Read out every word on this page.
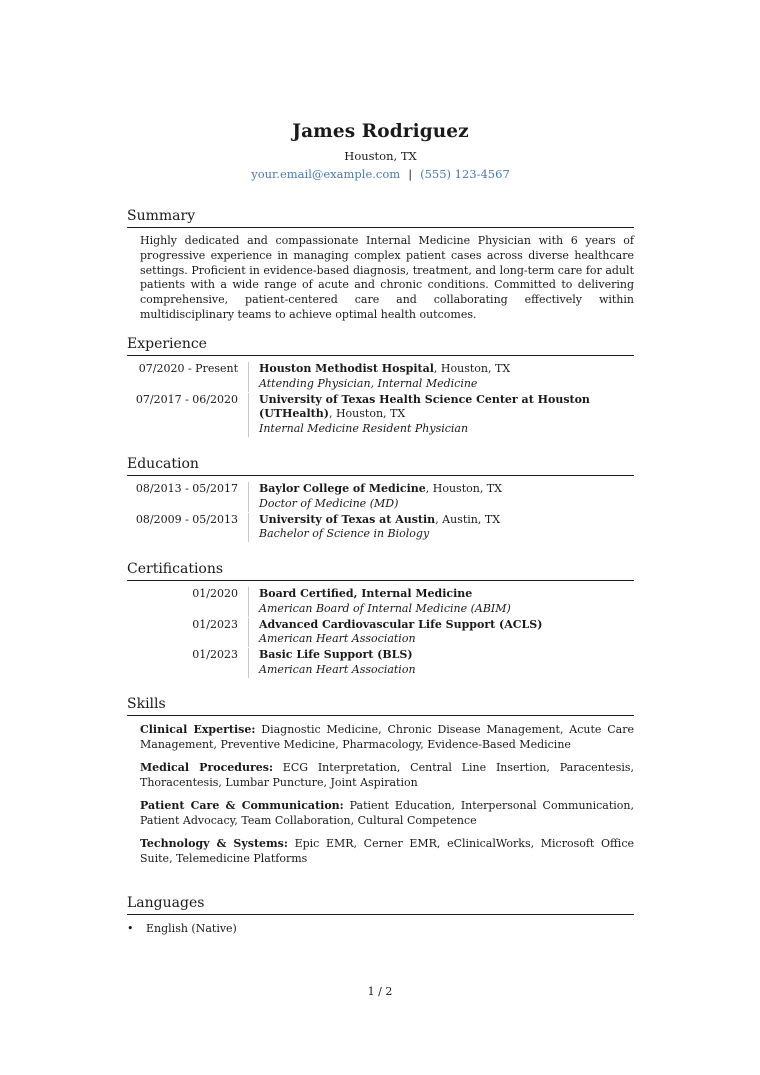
James Rodriguez
Houston, TX
your.email@example.com | (555) 123-4567
Summary
Highly dedicated and compassionate Internal Medicine Physician with 6 years of progressive experience in managing complex patient cases across diverse healthcare settings. Proficient in evidence-based diagnosis, treatment, and long-term care for adult patients with a wide range of acute and chronic conditions. Committed to delivering comprehensive, patient-centered care and collaborating effectively within multidisciplinary teams to achieve optimal health outcomes.
Experience
07/2020 - Present	Houston Methodist Hospital, Houston, TX
Attending Physician, Internal Medicine
07/2017 - 06/2020	University of Texas Health Science Center at Houston (UTHealth), Houston, TX
Internal Medicine Resident Physician
Education
08/2013 - 05/2017	Baylor College of Medicine, Houston, TX
Doctor of Medicine (MD)
08/2009 - 05/2013	University of Texas at Austin, Austin, TX
Bachelor of Science in Biology
Certifications
01/2020	Board Certified, Internal Medicine
American Board of Internal Medicine (ABIM)
01/2023	Advanced Cardiovascular Life Support (ACLS)
American Heart Association
01/2023	Basic Life Support (BLS)
American Heart Association
Skills
Clinical Expertise: Diagnostic Medicine, Chronic Disease Management, Acute Care Management, Preventive Medicine, Pharmacology, Evidence-Based Medicine
Medical Procedures: ECG Interpretation, Central Line Insertion, Paracentesis, Thoracentesis, Lumbar Puncture, Joint Aspiration
Patient Care & Communication: Patient Education, Interpersonal Communication, Patient Advocacy, Team Collaboration, Cultural Competence
Technology & Systems: Epic EMR, Cerner EMR, eClinicalWorks, Microsoft Office Suite, Telemedicine Platforms
Languages
•	English (Native)
1 / 2
